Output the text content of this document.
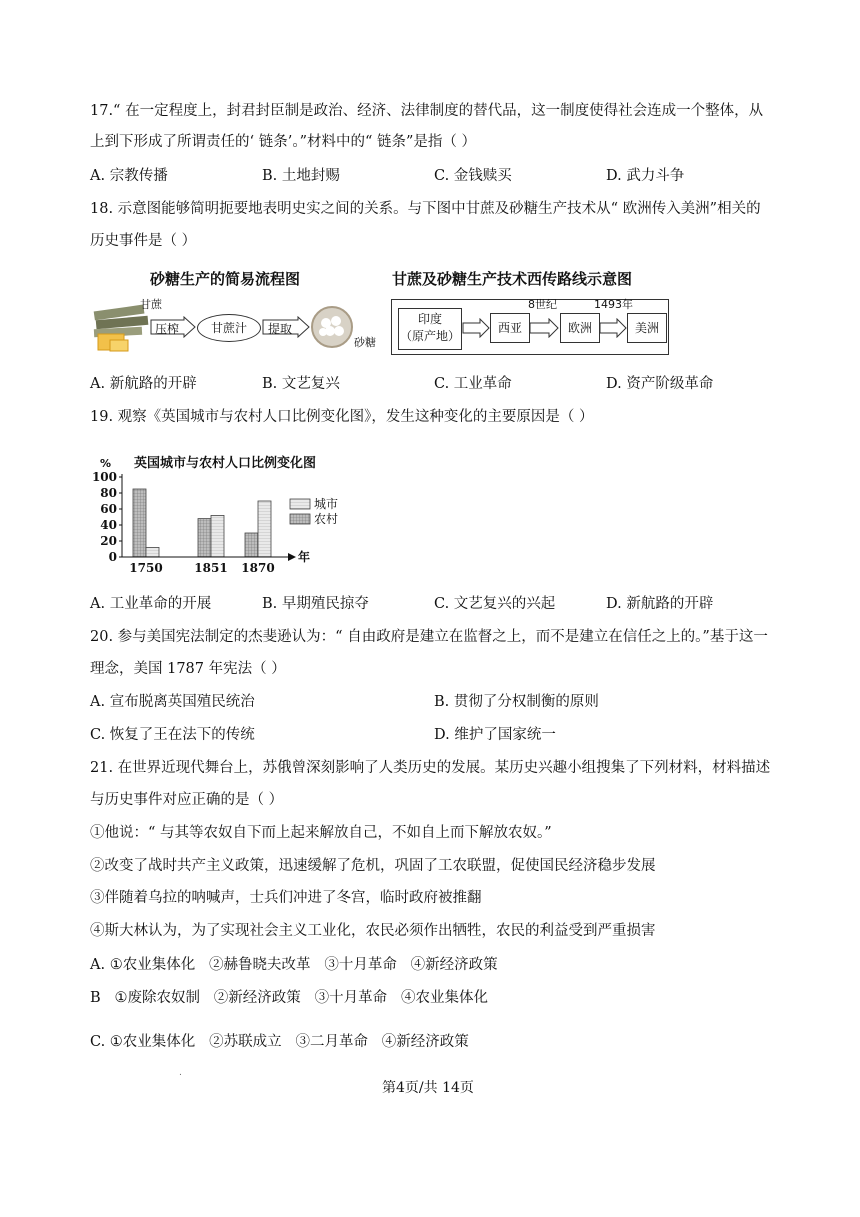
17.“ 在一定程度上，封君封臣制是政治、经济、法律制度的替代品，这一制度使得社会连成一个整体，从
上到下形成了所谓责任的‘ 链条’。”材料中的“ 链条”是指（ ）
A. 宗教传播	B. 土地封赐	C. 金钱赎买	D. 武力斗争
18. 示意图能够简明扼要地表明史实之间的关系。与下图中甘蔗及砂糖生产技术从“ 欧洲传入美洲”相关的
历史事件是（ ）
砂糖生产的简易流程图	甘蔗及砂糖生产技术西传路线示意图
甘蔗
压榨	甘蔗汁	提取
砂糖
印度
（原产地）
西亚
8世纪
欧洲
1493年
美洲
A. 新航路的开辟	B. 文艺复兴	C. 工业革命	D. 资产阶级革命
19. 观察《英国城市与农村人口比例变化图》，发生这种变化的主要原因是（ ）
英国城市与农村人口比例变化图
%
0
20
40
60
80
100
1750	1851 1870
年
城市
农村
A. 工业革命的开展	B. 早期殖民掠夺	C. 文艺复兴的兴起	D. 新航路的开辟
20. 参与美国宪法制定的杰斐逊认为：“ 自由政府是建立在监督之上，而不是建立在信任之上的。”基于这一
理念，美国 1787 年宪法（ ）
A. 宣布脱离英国殖民统治	B. 贯彻了分权制衡的原则
C. 恢复了王在法下的传统	D. 维护了国家统一
21. 在世界近现代舞台上，苏俄曾深刻影响了人类历史的发展。某历史兴趣小组搜集了下列材料，材料描述
与历史事件对应正确的是（ ）
①他说：“ 与其等农奴自下而上起来解放自己，不如自上而下解放农奴。”
②改变了战时共产主义政策，迅速缓解了危机，巩固了工农联盟，促使国民经济稳步发展
③伴随着乌拉的呐喊声，士兵们冲进了冬宫，临时政府被推翻
④斯大林认为，为了实现社会主义工业化，农民必须作出牺牲，农民的利益受到严重损害
A. ①农业集体化   ②赫鲁晓夫改革   ③十月革命   ④新经济政策
B   ①废除农奴制   ②新经济政策   ③十月革命   ④农业集体化
C. ①农业集体化   ②苏联成立   ③二月革命   ④新经济政策
.
第4页/共 14页
